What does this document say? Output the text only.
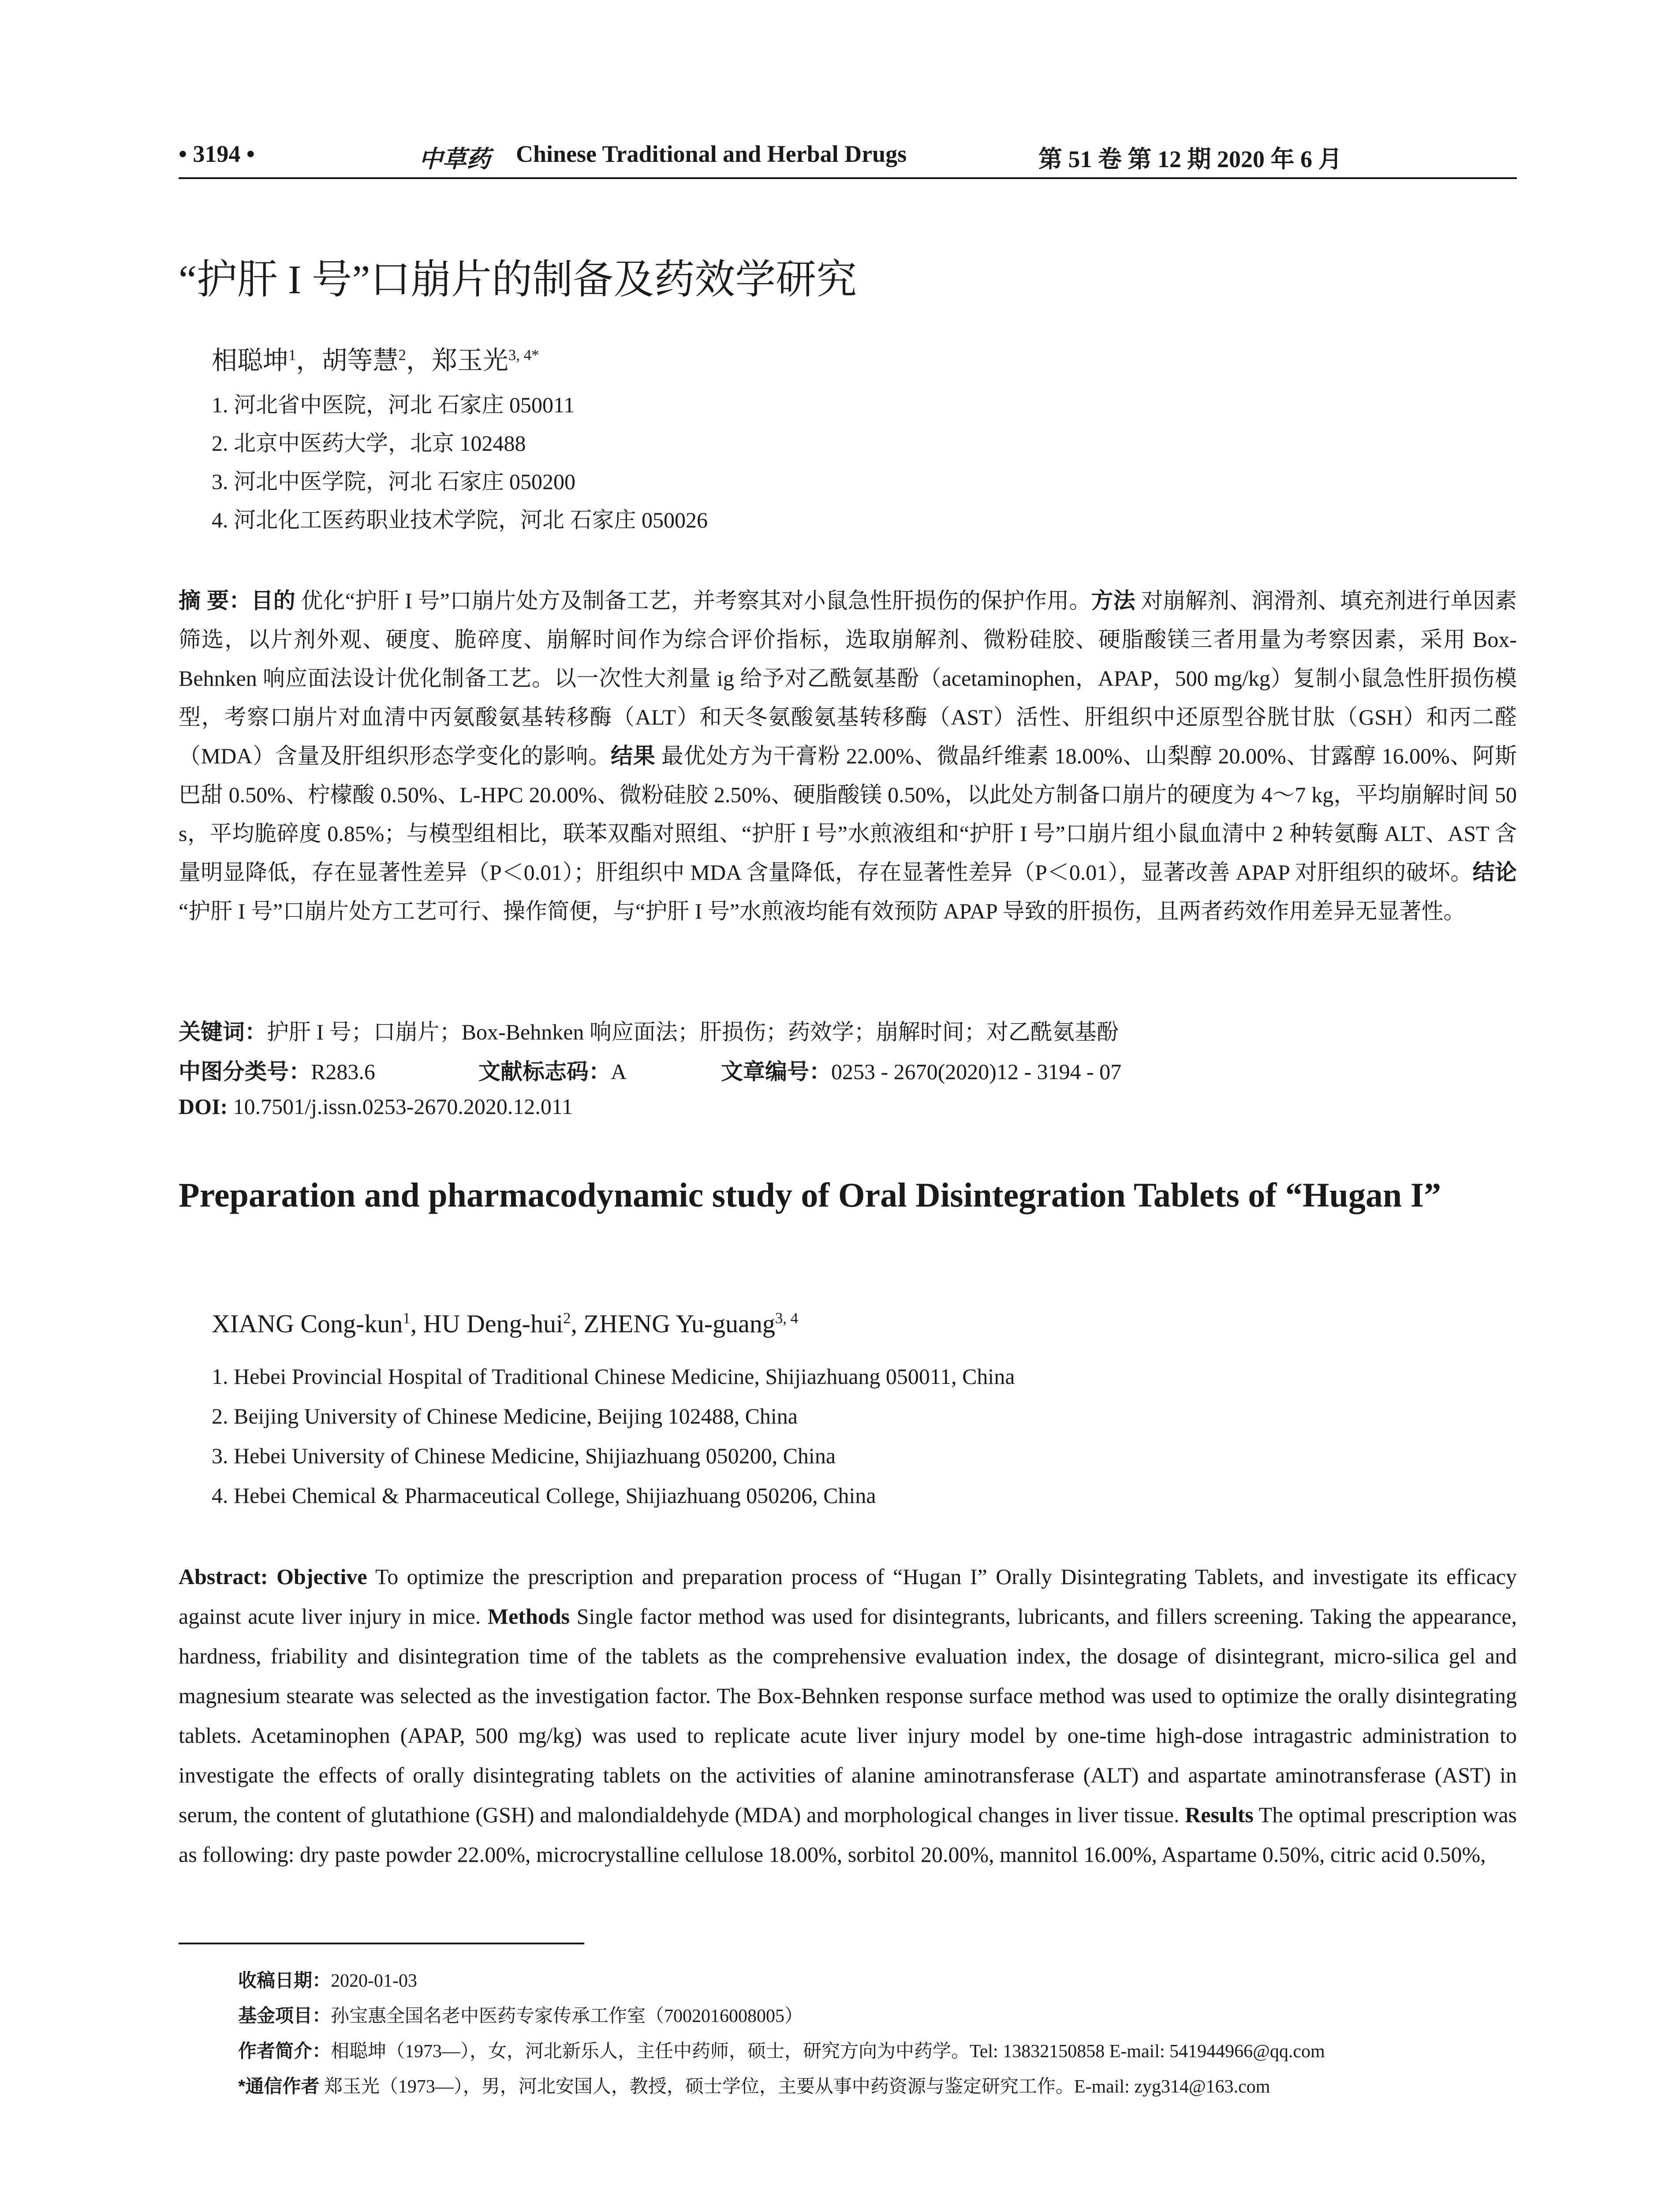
• 3194 •	中草药 Chinese Traditional and Herbal Drugs	第 51 卷 第 12 期 2020 年 6 月
“护肝 I 号”口崩片的制备及药效学研究
相聪坤$^1$，胡等慧$^2$，郑玉光$^{3, 4*}$
1. 河北省中医院，河北 石家庄 050011
2. 北京中医药大学，北京 102488
3. 河北中医学院，河北 石家庄 050200
4. 河北化工医药职业技术学院，河北 石家庄 050026
摘 要：目的 优化“护肝 I 号”口崩片处方及制备工艺，并考察其对小鼠急性肝损伤的保护作用。方法 对崩解剂、润滑剂、填充剂进行单因素筛选，以片剂外观、硬度、脆碎度、崩解时间作为综合评价指标，选取崩解剂、微粉硅胶、硬脂酸镁三者用量为考察因素，采用 Box-Behnken 响应面法设计优化制备工艺。以一次性大剂量 ig 给予对乙酰氨基酚（acetaminophen，APAP，500 mg/kg）复制小鼠急性肝损伤模型，考察口崩片对血清中丙氨酸氨基转移酶（ALT）和天冬氨酸氨基转移酶（AST）活性、肝组织中还原型谷胱甘肽（GSH）和丙二醛（MDA）含量及肝组织形态学变化的影响。结果 最优处方为干膏粉 22.00%、微晶纤维素 18.00%、山梨醇 20.00%、甘露醇 16.00%、阿斯巴甜 0.50%、柠檬酸 0.50%、L-HPC 20.00%、微粉硅胶 2.50%、硬脂酸镁 0.50%，以此处方制备口崩片的硬度为 4～7 kg，平均崩解时间 50 s，平均脆碎度 0.85%；与模型组相比，联苯双酯对照组、“护肝 I 号”水煎液组和“护肝 I 号”口崩片组小鼠血清中 2 种转氨酶 ALT、AST 含量明显降低，存在显著性差异（P＜0.01）；肝组织中 MDA 含量降低，存在显著性差异（P＜0.01），显著改善 APAP 对肝组织的破坏。结论 “护肝 I 号”口崩片处方工艺可行、操作简便，与“护肝 I 号”水煎液均能有效预防 APAP 导致的肝损伤，且两者药效作用差异无显著性。
关键词：护肝 I 号；口崩片；Box-Behnken 响应面法；肝损伤；药效学；崩解时间；对乙酰氨基酚
中图分类号：R283.6	文献标志码：A	文章编号：0253 - 2670(2020)12 - 3194 - 07
DOI: 10.7501/j.issn.0253-2670.2020.12.011
Preparation and pharmacodynamic study of Oral Disintegration Tablets of “Hugan I”
XIANG Cong-kun$^1$, HU Deng-hui$^2$, ZHENG Yu-guang$^{3, 4}$
1. Hebei Provincial Hospital of Traditional Chinese Medicine, Shijiazhuang 050011, China
2. Beijing University of Chinese Medicine, Beijing 102488, China
3. Hebei University of Chinese Medicine, Shijiazhuang 050200, China
4. Hebei Chemical & Pharmaceutical College, Shijiazhuang 050206, China
Abstract: Objective To optimize the prescription and preparation process of “Hugan I” Orally Disintegrating Tablets, and investigate its efficacy against acute liver injury in mice. Methods Single factor method was used for disintegrants, lubricants, and fillers screening. Taking the appearance, hardness, friability and disintegration time of the tablets as the comprehensive evaluation index, the dosage of disintegrant, micro-silica gel and magnesium stearate was selected as the investigation factor. The Box-Behnken response surface method was used to optimize the orally disintegrating tablets. Acetaminophen (APAP, 500 mg/kg) was used to replicate acute liver injury model by one-time high-dose intragastric administration to investigate the effects of orally disintegrating tablets on the activities of alanine aminotransferase (ALT) and aspartate aminotransferase (AST) in serum, the content of glutathione (GSH) and malondialdehyde (MDA) and morphological changes in liver tissue. Results The optimal prescription was as following: dry paste powder 22.00%, microcrystalline cellulose 18.00%, sorbitol 20.00%, mannitol 16.00%, Aspartame 0.50%, citric acid 0.50%,
收稿日期：2020-01-03
基金项目：孙宝惠全国名老中医药专家传承工作室（7002016008005）
作者简介：相聪坤（1973—），女，河北新乐人，主任中药师，硕士，研究方向为中药学。Tel: 13832150858 E-mail: 541944966@qq.com
*通信作者 郑玉光（1973—），男，河北安国人，教授，硕士学位，主要从事中药资源与鉴定研究工作。E-mail: zyg314@163.com
